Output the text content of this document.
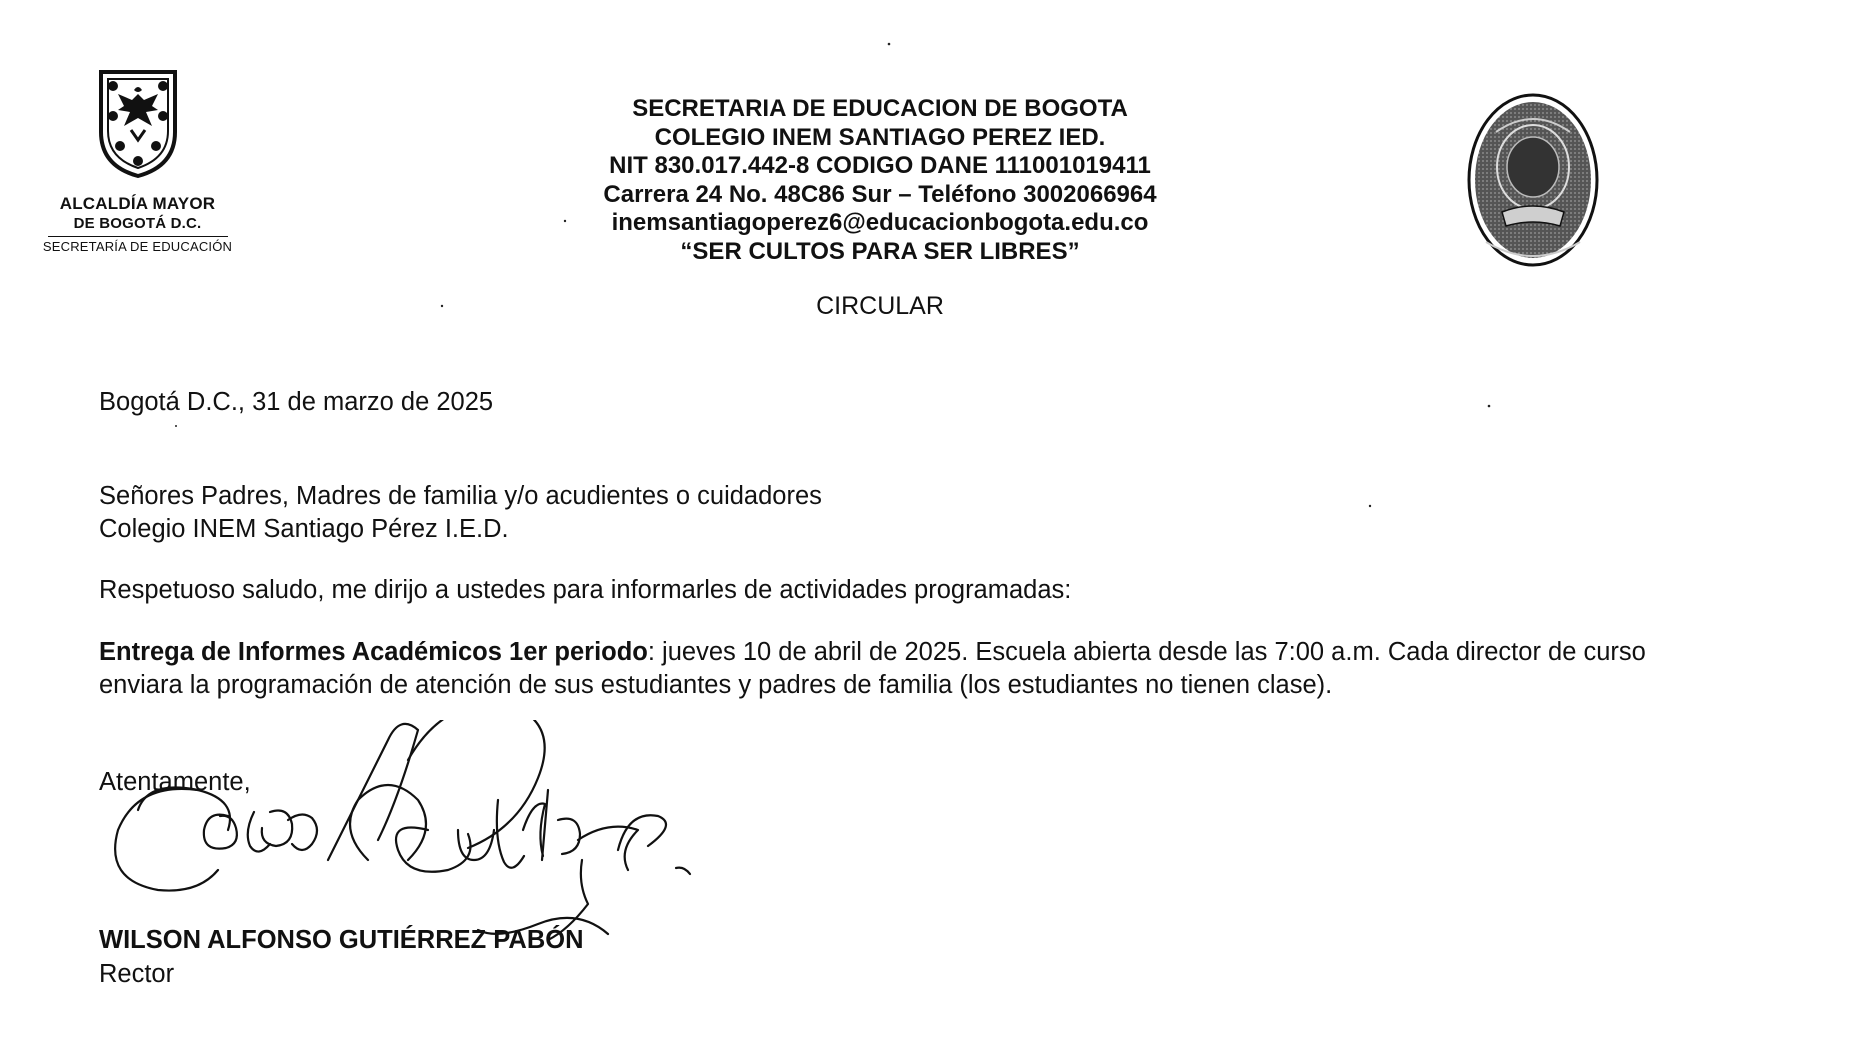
ALCALDÍA MAYOR
DE BOGOTÁ D.C.
SECRETARÍA DE EDUCACIÓN
SECRETARIA DE EDUCACION DE BOGOTA
COLEGIO INEM SANTIAGO PEREZ IED.
NIT 830.017.442-8 CODIGO DANE 111001019411
Carrera 24 No. 48C86 Sur – Teléfono 3002066964
inemsantiagoperez6@educacionbogota.edu.co
“SER CULTOS PARA SER LIBRES”
CIRCULAR
Bogotá D.C., 31 de marzo de 2025
Señores Padres, Madres de familia y/o acudientes o cuidadores
Colegio INEM Santiago Pérez I.E.D.
Respetuoso saludo, me dirijo a ustedes para informarles de actividades programadas:
Entrega de Informes Académicos 1er periodo: jueves 10 de abril de 2025. Escuela abierta desde las 7:00 a.m. Cada director de curso
enviara la programación de atención de sus estudiantes y padres de familia (los estudiantes no tienen clase).
Atentamente,
WILSON ALFONSO GUTIÉRREZ PABÓN
Rector
